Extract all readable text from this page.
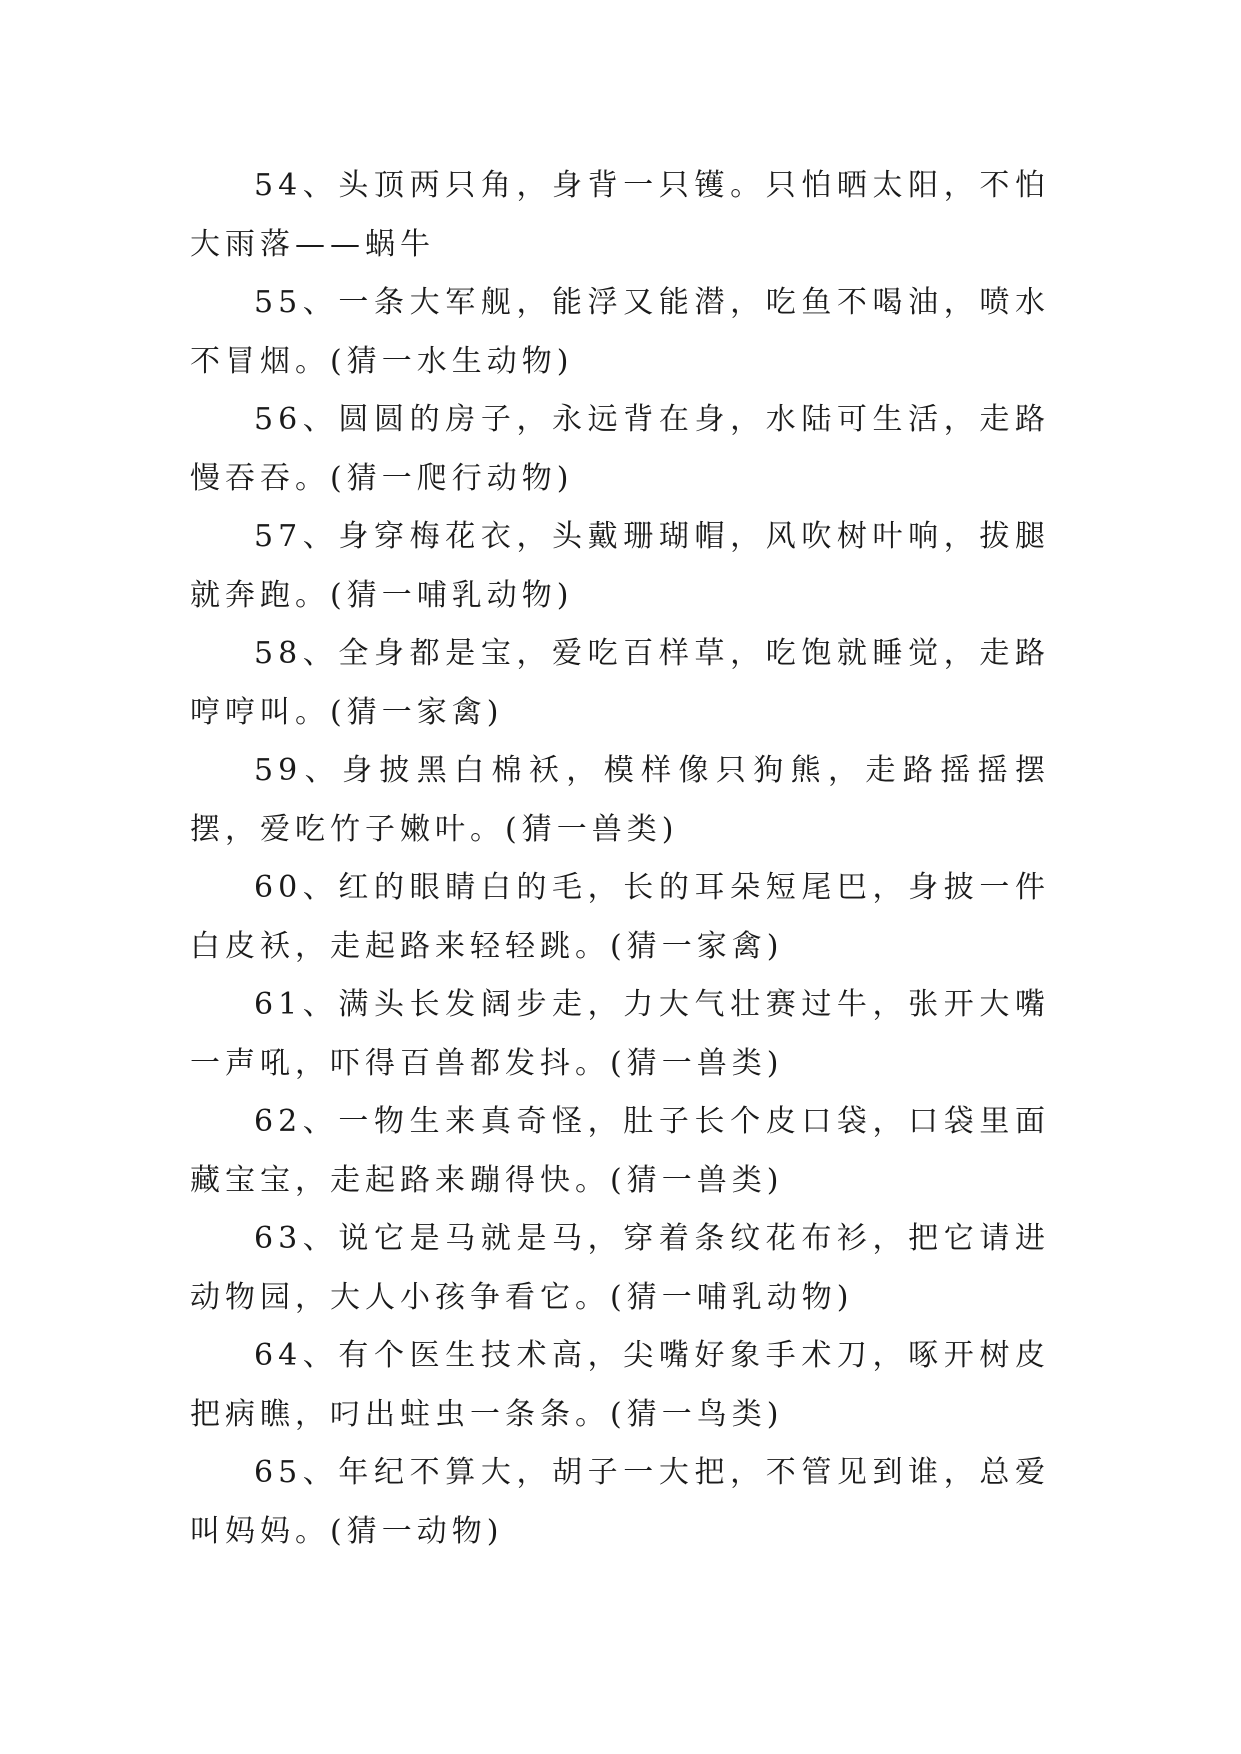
54、头顶两只角，身背一只镬。只怕晒太阳，不怕大雨落——蜗牛

55、一条大军舰，能浮又能潜，吃鱼不喝油，喷水不冒烟。(猜一水生动物)

56、圆圆的房子，永远背在身，水陆可生活，走路慢吞吞。(猜一爬行动物)

57、身穿梅花衣，头戴珊瑚帽，风吹树叶响，拔腿就奔跑。(猜一哺乳动物)

58、全身都是宝，爱吃百样草，吃饱就睡觉，走路哼哼叫。(猜一家禽)

59、身披黑白棉袄，模样像只狗熊，走路摇摇摆摆，爱吃竹子嫩叶。(猜一兽类)

60、红的眼睛白的毛，长的耳朵短尾巴，身披一件白皮袄，走起路来轻轻跳。(猜一家禽)

61、满头长发阔步走，力大气壮赛过牛，张开大嘴一声吼，吓得百兽都发抖。(猜一兽类)

62、一物生来真奇怪，肚子长个皮口袋，口袋里面藏宝宝，走起路来蹦得快。(猜一兽类)

63、说它是马就是马，穿着条纹花布衫，把它请进动物园，大人小孩争看它。(猜一哺乳动物)

64、有个医生技术高，尖嘴好象手术刀，啄开树皮把病瞧，叼出蛀虫一条条。(猜一鸟类)

65、年纪不算大，胡子一大把，不管见到谁，总爱叫妈妈。(猜一动物)
